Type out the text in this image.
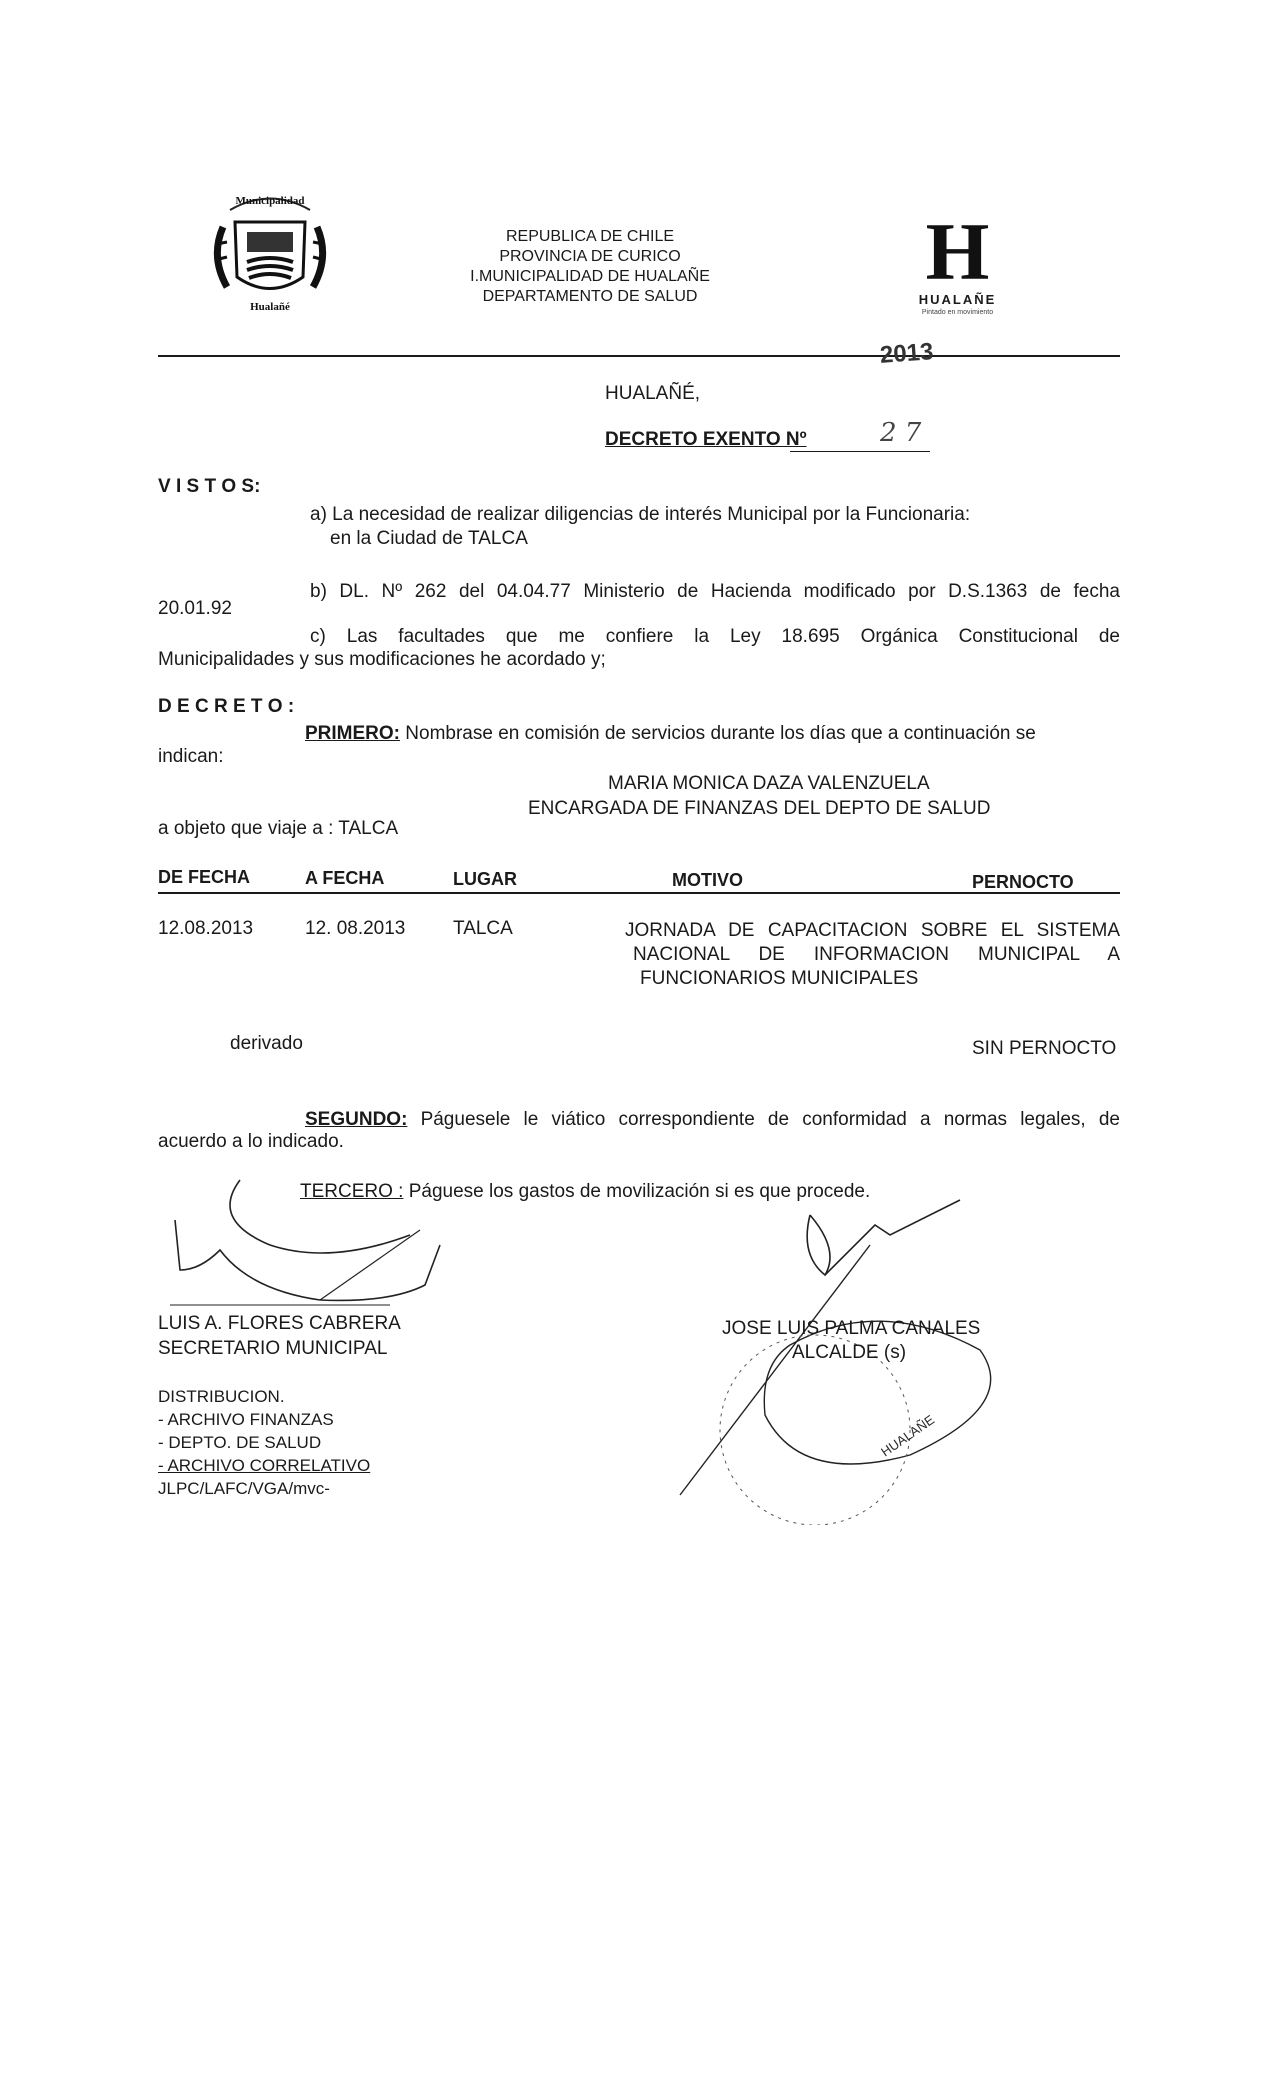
Municipalidad
Hualañé
REPUBLICA DE CHILE
PROVINCIA DE CURICO
I.MUNICIPALIDAD DE HUALAÑE
DEPARTAMENTO DE SALUD	H
HUALAÑE
Pintado en movimiento
2013
HUALAÑÉ,
DECRETO EXENTO Nº	2 7
V I S T O S:
a) La necesidad de realizar diligencias de interés Municipal por la Funcionaria:
en la Ciudad de TALCA
b) DL. Nº 262 del 04.04.77 Ministerio de Hacienda modificado por D.S.1363 de fecha
20.01.92
c) Las facultades que me confiere la Ley 18.695 Orgánica Constitucional de
Municipalidades y sus modificaciones he acordado y;
D E C R E T O :
PRIMERO: Nombrase en comisión de servicios durante los días que a continuación se
indican:
MARIA MONICA DAZA VALENZUELA
ENCARGADA DE FINANZAS DEL DEPTO DE SALUD
a objeto que viaje a : TALCA
DE FECHA	A FECHA	LUGAR	MOTIVO	PERNOCTO
12.08.2013	12. 08.2013	TALCA	JORNADA DE CAPACITACION SOBRE EL SISTEMA
NACIONAL DE INFORMACION MUNICIPAL A
FUNCIONARIOS MUNICIPALES
derivado	SIN PERNOCTO
SEGUNDO: Páguesele le viático correspondiente de conformidad a normas legales, de
acuerdo a lo indicado.
TERCERO : Páguese los gastos de movilización si es que procede.
HUALAÑE
LUIS A. FLORES CABRERA
SECRETARIO MUNICIPAL
JOSE LUIS PALMA CANALES
ALCALDE (s)
DISTRIBUCION.
- ARCHIVO FINANZAS
- DEPTO. DE SALUD
- ARCHIVO CORRELATIVO
JLPC/LAFC/VGA/mvc-
